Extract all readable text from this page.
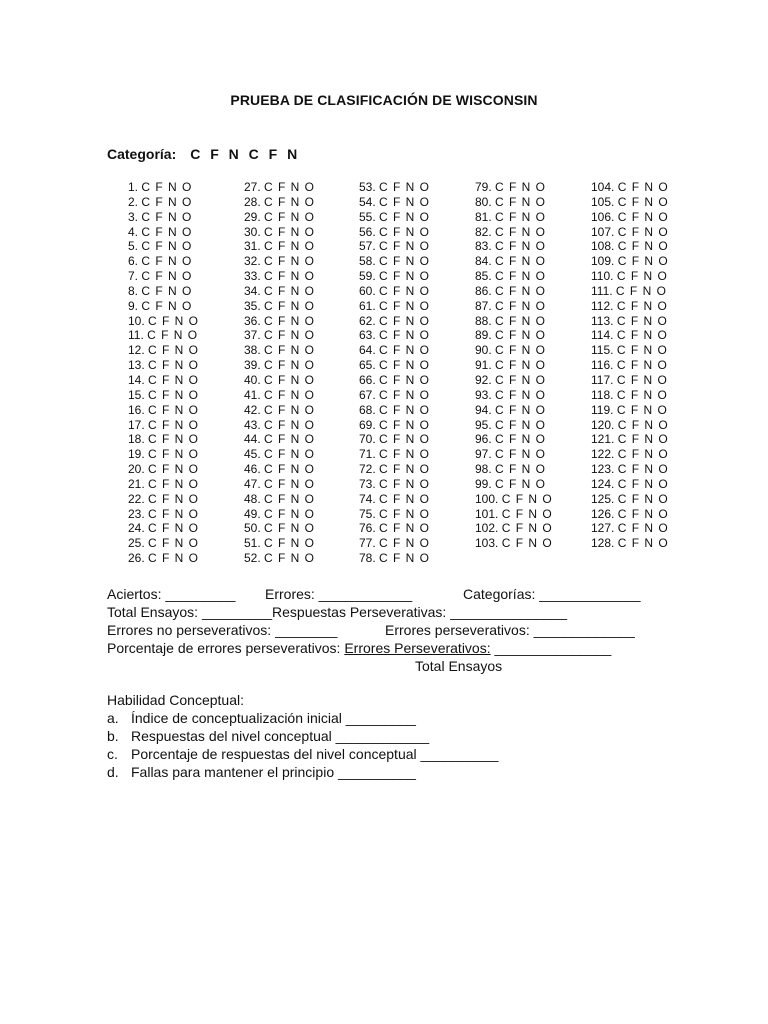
PRUEBA DE CLASIFICACIÓN DE WISCONSIN
Categoría: C F N C F N
1. C F N O
2. C F N O
3. C F N O
4. C F N O
5. C F N O
6. C F N O
7. C F N O
8. C F N O
9. C F N O
10. C F N O
11. C F N O
12. C F N O
13. C F N O
14. C F N O
15. C F N O
16. C F N O
17. C F N O
18. C F N O
19. C F N O
20. C F N O
21. C F N O
22. C F N O
23. C F N O
24. C F N O
25. C F N O
26. C F N O
27. C F N O
28. C F N O
29. C F N O
30. C F N O
31. C F N O
32. C F N O
33. C F N O
34. C F N O
35. C F N O
36. C F N O
37. C F N O
38. C F N O
39. C F N O
40. C F N O
41. C F N O
42. C F N O
43. C F N O
44. C F N O
45. C F N O
46. C F N O
47. C F N O
48. C F N O
49. C F N O
50. C F N O
51. C F N O
52. C F N O
53. C F N O
54. C F N O
55. C F N O
56. C F N O
57. C F N O
58. C F N O
59. C F N O
60. C F N O
61. C F N O
62. C F N O
63. C F N O
64. C F N O
65. C F N O
66. C F N O
67. C F N O
68. C F N O
69. C F N O
70. C F N O
71. C F N O
72. C F N O
73. C F N O
74. C F N O
75. C F N O
76. C F N O
77. C F N O
78. C F N O
79. C F N O
80. C F N O
81. C F N O
82. C F N O
83. C F N O
84. C F N O
85. C F N O
86. C F N O
87. C F N O
88. C F N O
89. C F N O
90. C F N O
91. C F N O
92. C F N O
93. C F N O
94. C F N O
95. C F N O
96. C F N O
97. C F N O
98. C F N O
99. C F N O
100. C F N O
101. C F N O
102. C F N O
103. C F N O
104. C F N O
105. C F N O
106. C F N O
107. C F N O
108. C F N O
109. C F N O
110. C F N O
111. C F N O
112. C F N O
113. C F N O
114. C F N O
115. C F N O
116. C F N O
117. C F N O
118. C F N O
119. C F N O
120. C F N O
121. C F N O
122. C F N O
123. C F N O
124. C F N O
125. C F N O
126. C F N O
127. C F N O
128. C F N O
Aciertos: _________ Errores: ____________	Categorías: _____________
Total Ensayos: _________Respuestas Perseverativas: _______________
Errores no perseverativos: ________	Errores perseverativos: _____________
Porcentaje de errores perseverativos: Errores Perseverativos: _______________
Total Ensayos
Habilidad Conceptual:
a. Índice de conceptualización inicial _________
b. Respuestas del nivel conceptual ____________
c. Porcentaje de respuestas del nivel conceptual __________
d. Fallas para mantener el principio __________
